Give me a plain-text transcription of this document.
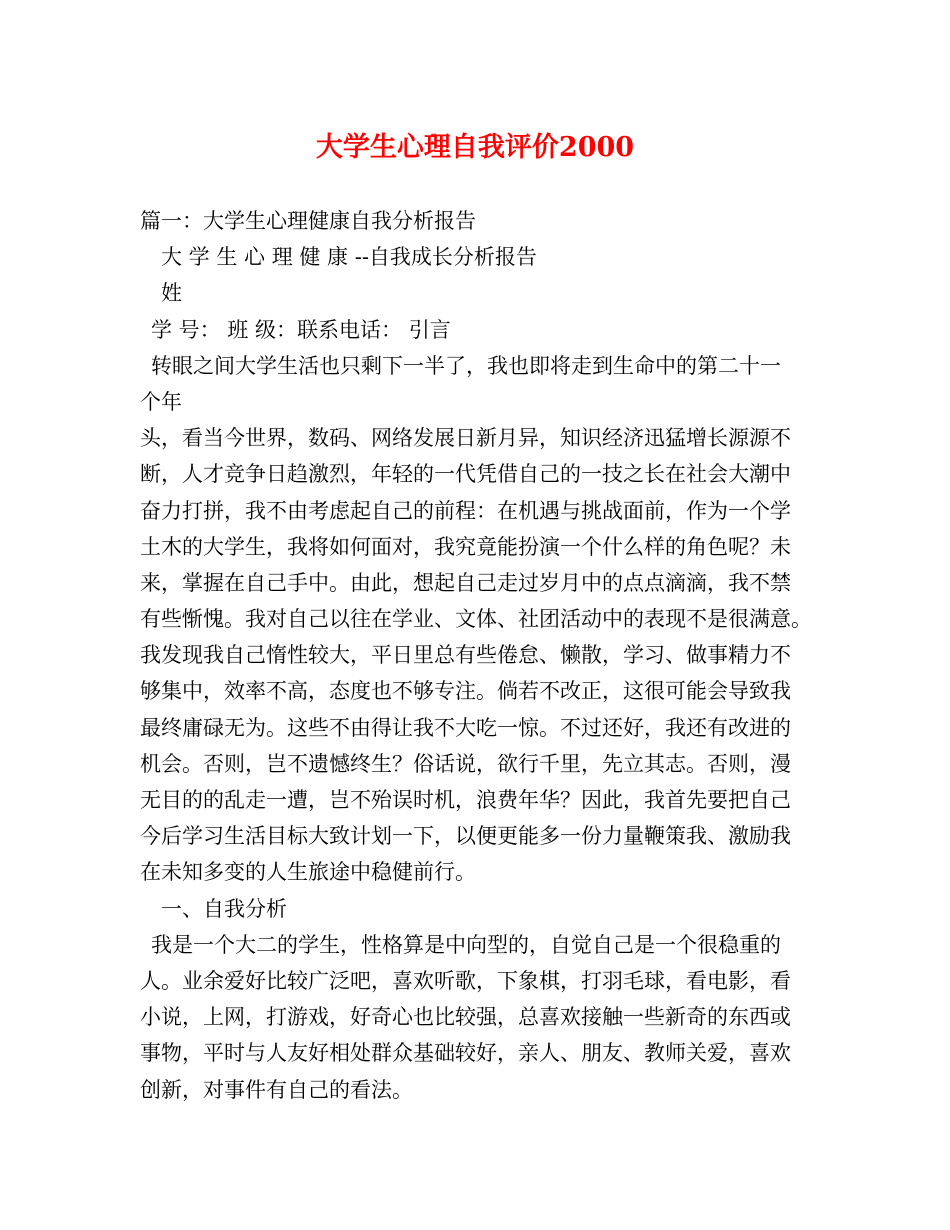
大学生心理自我评价2000
篇一：大学生心理健康自我分析报告
大 学 生 心 理 健 康 --自我成长分析报告
姓
学 号： 班 级：联系电话： 引言
转眼之间大学生活也只剩下一半了，我也即将走到生命中的第二十一
个年
头，看当今世界，数码、网络发展日新月异，知识经济迅猛增长源源不
断，人才竞争日趋激烈，年轻的一代凭借自己的一技之长在社会大潮中
奋力打拼，我不由考虑起自己的前程：在机遇与挑战面前，作为一个学
土木的大学生，我将如何面对，我究竟能扮演一个什么样的角色呢？未
来，掌握在自己手中。由此，想起自己走过岁月中的点点滴滴，我不禁
有些惭愧。我对自己以往在学业、文体、社团活动中的表现不是很满意。
我发现我自己惰性较大，平日里总有些倦怠、懒散，学习、做事精力不
够集中，效率不高，态度也不够专注。倘若不改正，这很可能会导致我
最终庸碌无为。这些不由得让我不大吃一惊。不过还好，我还有改进的
机会。否则，岂不遗憾终生？俗话说，欲行千里，先立其志。否则，漫
无目的的乱走一遭，岂不殆误时机，浪费年华？因此，我首先要把自己
今后学习生活目标大致计划一下，以便更能多一份力量鞭策我、激励我
在未知多变的人生旅途中稳健前行。
一、自我分析
我是一个大二的学生，性格算是中向型的，自觉自己是一个很稳重的
人。业余爱好比较广泛吧，喜欢听歌，下象棋，打羽毛球，看电影，看
小说，上网，打游戏，好奇心也比较强，总喜欢接触一些新奇的东西或
事物，平时与人友好相处群众基础较好，亲人、朋友、教师关爱，喜欢
创新，对事件有自己的看法。
